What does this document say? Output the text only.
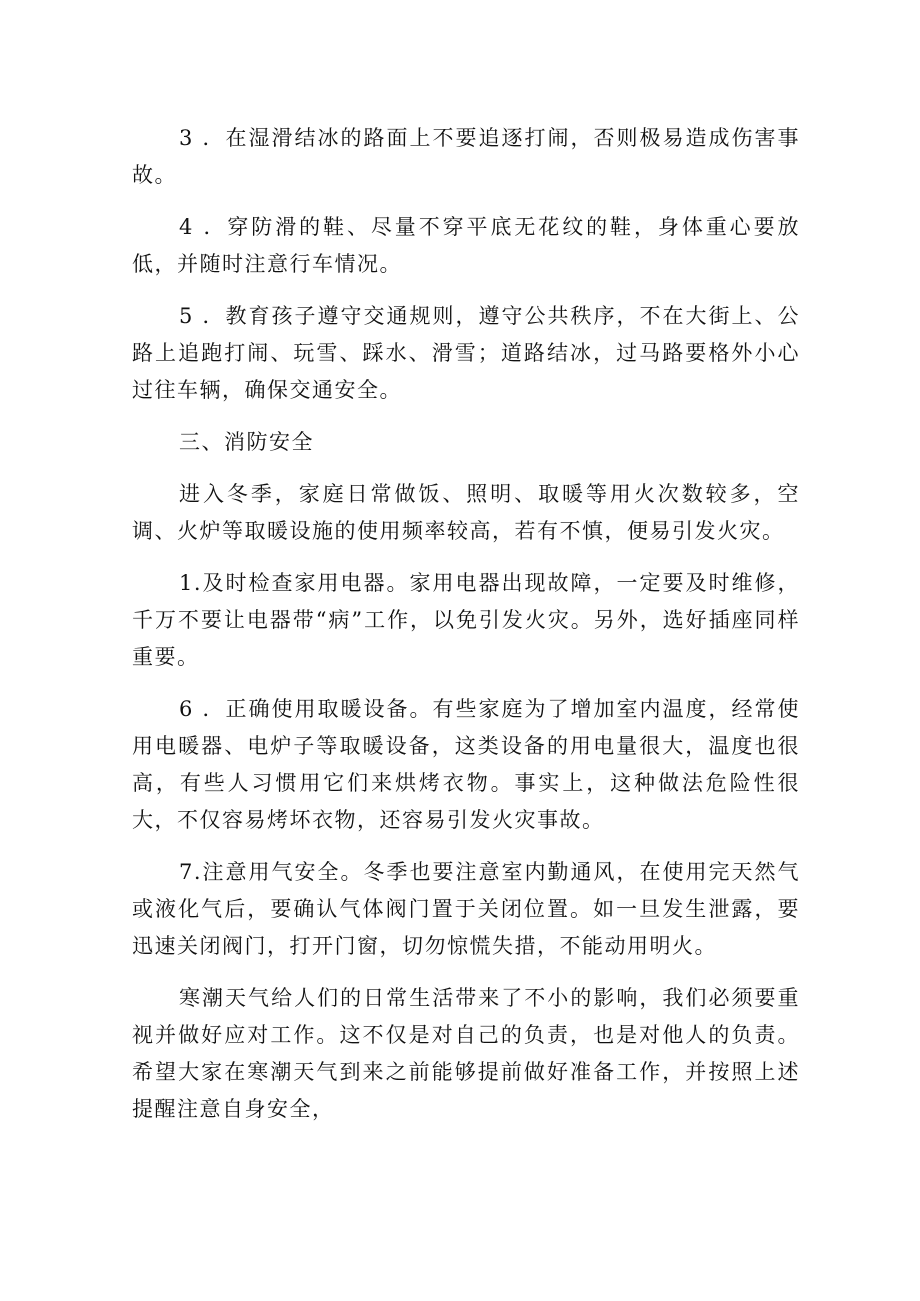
3 ．在湿滑结冰的路面上不要追逐打闹，否则极易造成伤害事故。

4 ．穿防滑的鞋、尽量不穿平底无花纹的鞋，身体重心要放低，并随时注意行车情况。

5 ．教育孩子遵守交通规则，遵守公共秩序，不在大街上、公路上追跑打闹、玩雪、踩水、滑雪；道路结冰，过马路要格外小心过往车辆，确保交通安全。

三、消防安全

进入冬季，家庭日常做饭、照明、取暖等用火次数较多，空调、火炉等取暖设施的使用频率较高，若有不慎，便易引发火灾。

1.及时检查家用电器。家用电器出现故障，一定要及时维修，千万不要让电器带“病”工作，以免引发火灾。另外，选好插座同样重要。

6 ．正确使用取暖设备。有些家庭为了增加室内温度，经常使用电暖器、电炉子等取暖设备，这类设备的用电量很大，温度也很高，有些人习惯用它们来烘烤衣物。事实上，这种做法危险性很大，不仅容易烤坏衣物，还容易引发火灾事故。

7.注意用气安全。冬季也要注意室内勤通风，在使用完天然气或液化气后，要确认气体阀门置于关闭位置。如一旦发生泄露，要迅速关闭阀门，打开门窗，切勿惊慌失措，不能动用明火。

寒潮天气给人们的日常生活带来了不小的影响，我们必须要重视并做好应对工作。这不仅是对自己的负责，也是对他人的负责。希望大家在寒潮天气到来之前能够提前做好准备工作，并按照上述提醒注意自身安全，
